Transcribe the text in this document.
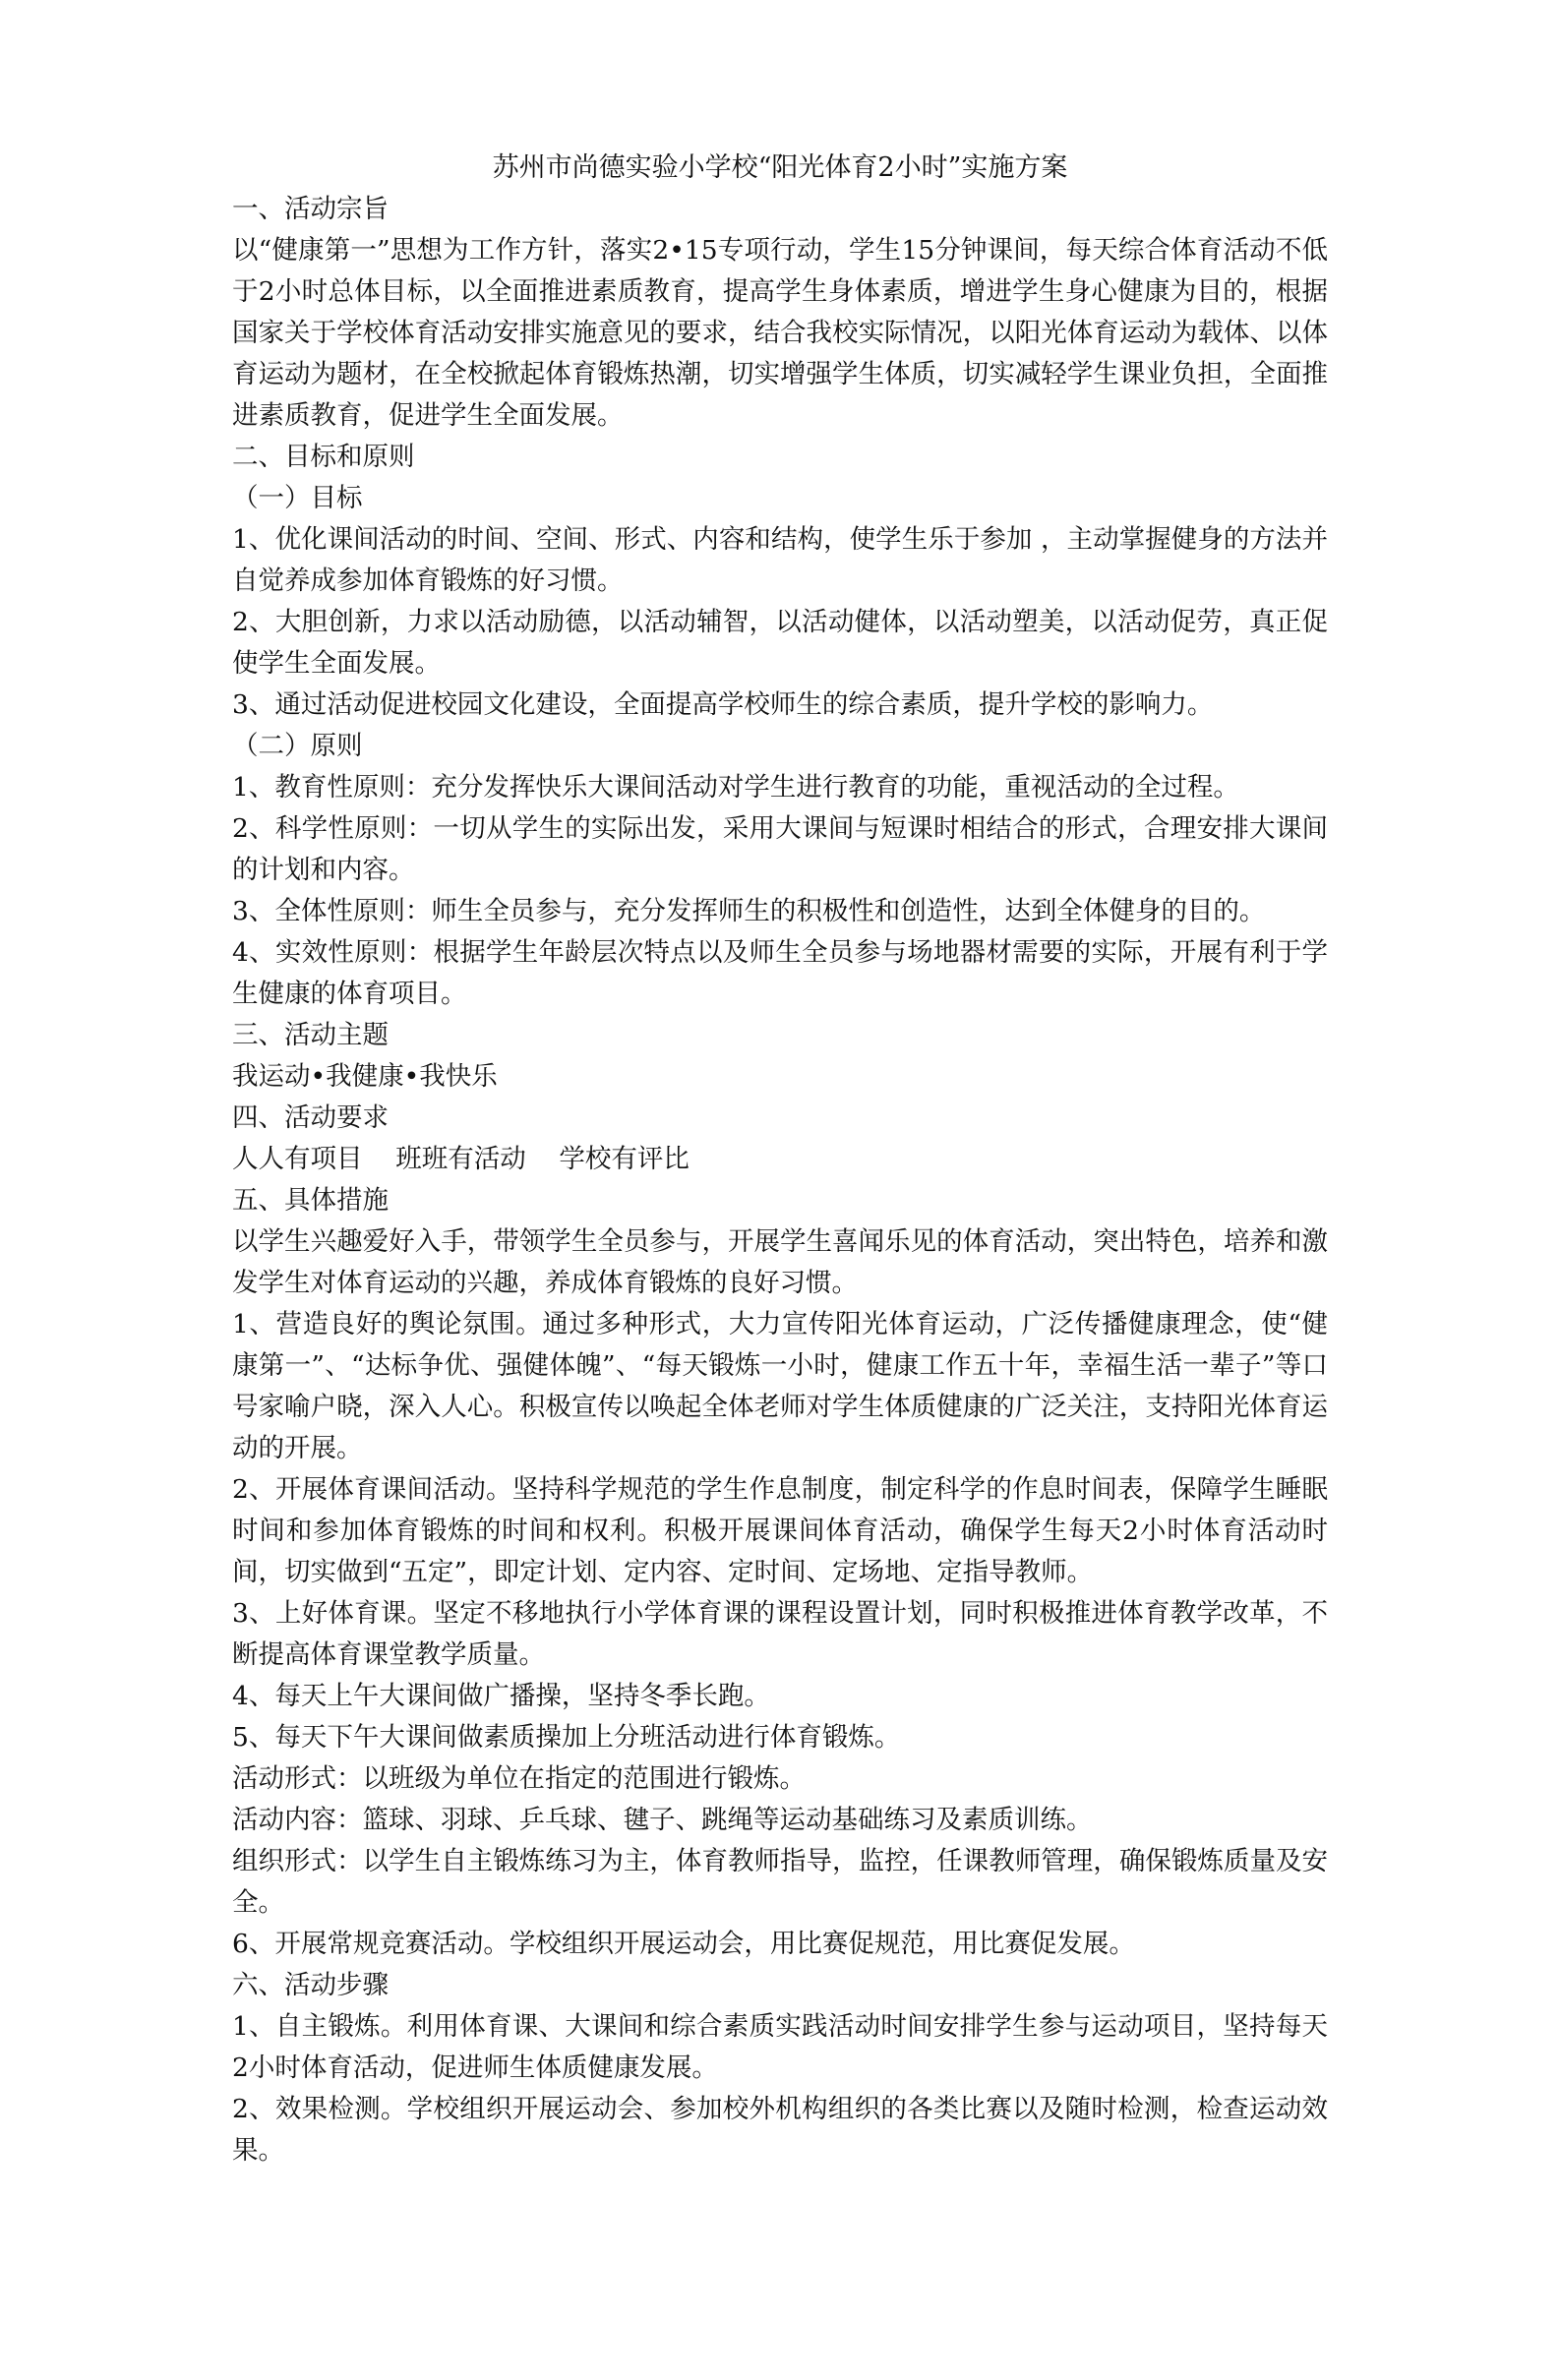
苏州市尚德实验小学校“阳光体育2小时”实施方案

一、活动宗旨

以“健康第一”思想为工作方针，落实2•15专项行动，学生15分钟课间，每天综合体育活动不低于2小时总体目标，以全面推进素质教育，提高学生身体素质，增进学生身心健康为目的，根据国家关于学校体育活动安排实施意见的要求，结合我校实际情况，以阳光体育运动为载体、以体育运动为题材，在全校掀起体育锻炼热潮，切实增强学生体质，切实减轻学生课业负担，全面推进素质教育，促进学生全面发展。

二、目标和原则

（一）目标

1、优化课间活动的时间、空间、形式、内容和结构，使学生乐于参加 ，主动掌握健身的方法并自觉养成参加体育锻炼的好习惯。

2、大胆创新，力求以活动励德，以活动辅智，以活动健体，以活动塑美，以活动促劳，真正促使学生全面发展。

3、通过活动促进校园文化建设，全面提高学校师生的综合素质，提升学校的影响力。

（二）原则

1、教育性原则：充分发挥快乐大课间活动对学生进行教育的功能，重视活动的全过程。

2、科学性原则：一切从学生的实际出发，采用大课间与短课时相结合的形式，合理安排大课间的计划和内容。

3、全体性原则：师生全员参与，充分发挥师生的积极性和创造性，达到全体健身的目的。

4、实效性原则：根据学生年龄层次特点以及师生全员参与场地器材需要的实际，开展有利于学生健康的体育项目。

三、活动主题

我运动•我健康•我快乐

四、活动要求

人人有项目    班班有活动    学校有评比

五、具体措施

以学生兴趣爱好入手，带领学生全员参与，开展学生喜闻乐见的体育活动，突出特色，培养和激发学生对体育运动的兴趣，养成体育锻炼的良好习惯。

1、营造良好的舆论氛围。通过多种形式，大力宣传阳光体育运动，广泛传播健康理念，使“健康第一”、“达标争优、强健体魄”、“每天锻炼一小时，健康工作五十年，幸福生活一辈子”等口号家喻户晓，深入人心。积极宣传以唤起全体老师对学生体质健康的广泛关注，支持阳光体育运动的开展。

2、开展体育课间活动。坚持科学规范的学生作息制度，制定科学的作息时间表，保障学生睡眠时间和参加体育锻炼的时间和权利。积极开展课间体育活动，确保学生每天2小时体育活动时间，切实做到“五定”，即定计划、定内容、定时间、定场地、定指导教师。

3、上好体育课。坚定不移地执行小学体育课的课程设置计划，同时积极推进体育教学改革，不断提高体育课堂教学质量。

4、每天上午大课间做广播操，坚持冬季长跑。

5、每天下午大课间做素质操加上分班活动进行体育锻炼。

活动形式：以班级为单位在指定的范围进行锻炼。

活动内容：篮球、羽球、乒乓球、毽子、跳绳等运动基础练习及素质训练。

组织形式：以学生自主锻炼练习为主，体育教师指导，监控，任课教师管理，确保锻炼质量及安全。

6、开展常规竞赛活动。学校组织开展运动会，用比赛促规范，用比赛促发展。

六、活动步骤

1、自主锻炼。利用体育课、大课间和综合素质实践活动时间安排学生参与运动项目，坚持每天2小时体育活动，促进师生体质健康发展。

2、效果检测。学校组织开展运动会、参加校外机构组织的各类比赛以及随时检测，检查运动效果。
